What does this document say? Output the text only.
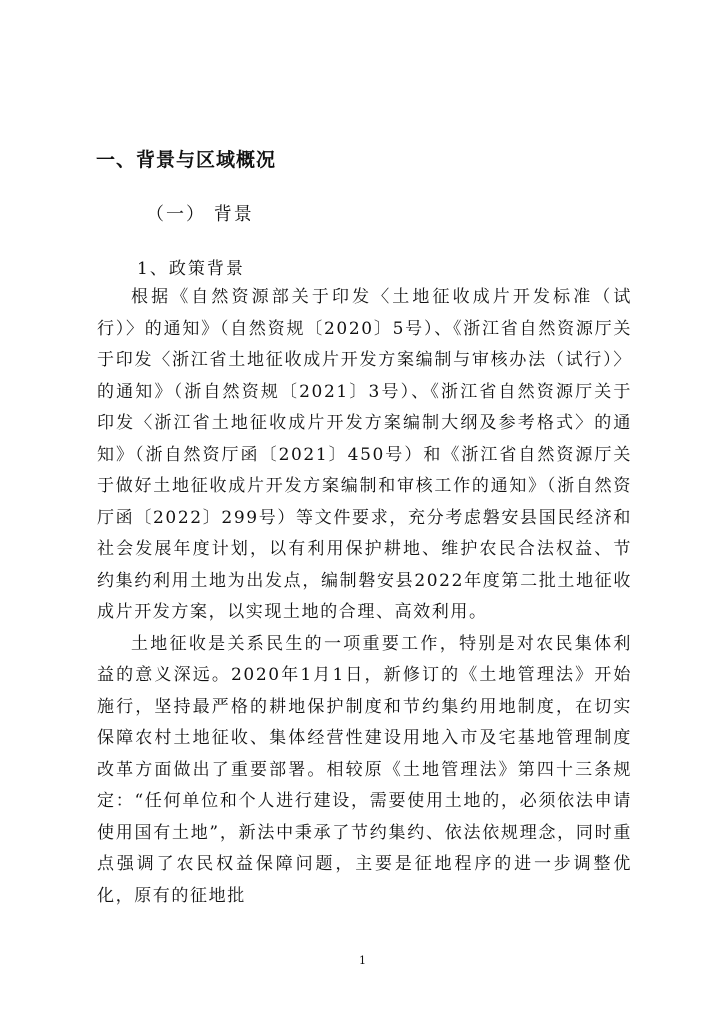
一、背景与区域概况
（一） 背景
1、政策背景

根据《自然资源部关于印发〈土地征收成片开发标准（试行）〉的通知》（自然资规〔2020〕5号）、《浙江省自然资源厅关于印发〈浙江省土地征收成片开发方案编制与审核办法（试行）〉的通知》（浙自然资规〔2021〕3号）、《浙江省自然资源厅关于印发〈浙江省土地征收成片开发方案编制大纲及参考格式〉的通知》（浙自然资厅函〔2021〕450号）和《浙江省自然资源厅关于做好土地征收成片开发方案编制和审核工作的通知》（浙自然资厅函〔2022〕299号）等文件要求，充分考虑磐安县国民经济和社会发展年度计划，以有利用保护耕地、维护农民合法权益、节约集约利用土地为出发点，编制磐安县2022年度第二批土地征收成片开发方案，以实现土地的合理、高效利用。

土地征收是关系民生的一项重要工作，特别是对农民集体利益的意义深远。2020年1月1日，新修订的《土地管理法》开始施行，坚持最严格的耕地保护制度和节约集约用地制度，在切实保障农村土地征收、集体经营性建设用地入市及宅基地管理制度改革方面做出了重要部署。相较原《土地管理法》第四十三条规定：“任何单位和个人进行建设，需要使用土地的，必须依法申请使用国有土地”，新法中秉承了节约集约、依法依规理念，同时重点强调了农民权益保障问题，主要是征地程序的进一步调整优化，原有的征地批

1
